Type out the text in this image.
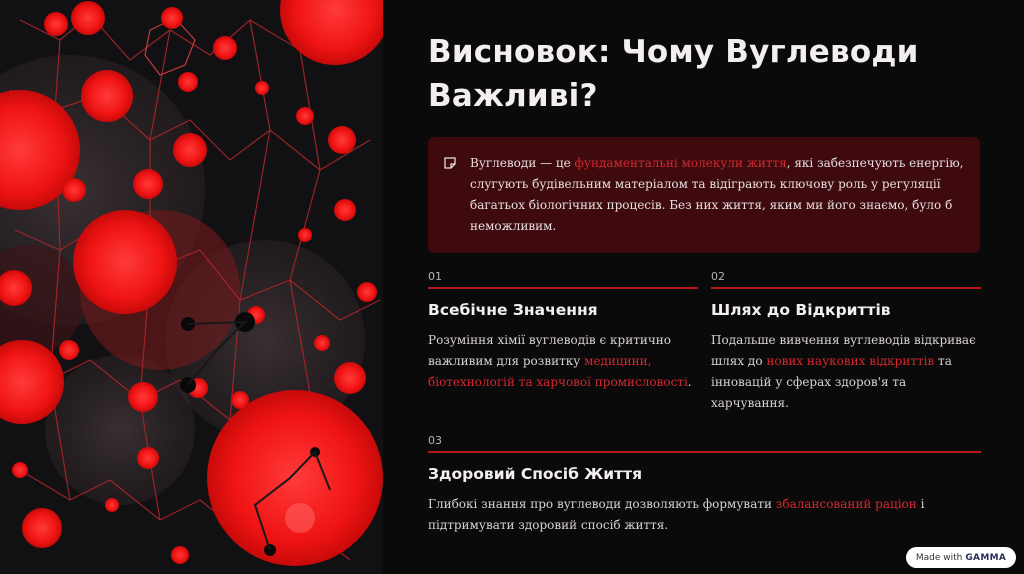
Висновок: Чому Вуглеводи Важливі?
Вуглеводи — це фундаментальні молекули життя, які забезпечують енергію, слугують будівельним матеріалом та відіграють ключову роль у регуляції багатьох біологічних процесів. Без них життя, яким ми його знаємо, було б неможливим.
01
Всебічне Значення
Розуміння хімії вуглеводів є критично важливим для розвитку медицини, біотехнологій та харчової промисловості.
02
Шлях до Відкриттів
Подальше вивчення вуглеводів відкриває шлях до нових наукових відкриттів та інновацій у сферах здоров'я та харчування.
03
Здоровий Спосіб Життя
Глибокі знання про вуглеводи дозволяють формувати збалансований раціон і підтримувати здоровий спосіб життя.
Made with GAMMA
